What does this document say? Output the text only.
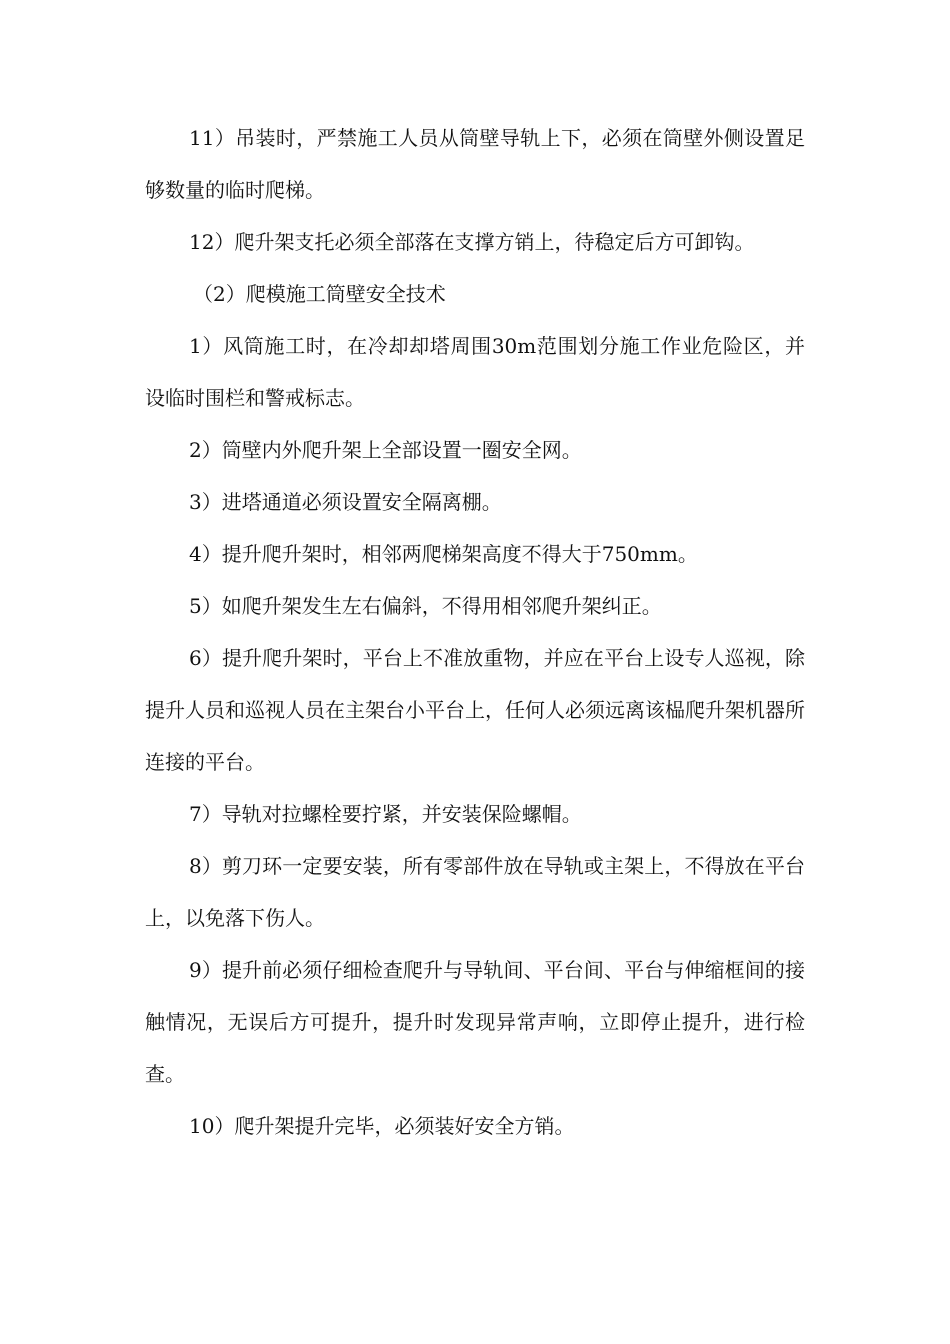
11）吊装时，严禁施工人员从筒壁导轨上下，必须在筒壁外侧设置足够数量的临时爬梯。

12）爬升架支托必须全部落在支撑方销上，待稳定后方可卸钩。

（2）爬模施工筒壁安全技术

1）风筒施工时，在冷却却塔周围30m范围划分施工作业危险区，并设临时围栏和警戒标志。

2）筒壁内外爬升架上全部设置一圈安全网。

3）进塔通道必须设置安全隔离棚。

4）提升爬升架时，相邻两爬梯架高度不得大于750mm。

5）如爬升架发生左右偏斜，不得用相邻爬升架纠正。

6）提升爬升架时，平台上不准放重物，并应在平台上设专人巡视，除提升人员和巡视人员在主架台小平台上，任何人必须远离该榀爬升架机器所连接的平台。

7）导轨对拉螺栓要拧紧，并安装保险螺帽。

8）剪刀环一定要安装，所有零部件放在导轨或主架上，不得放在平台上，以免落下伤人。

9）提升前必须仔细检查爬升与导轨间、平台间、平台与伸缩框间的接触情况，无误后方可提升，提升时发现异常声响，立即停止提升，进行检查。

10）爬升架提升完毕，必须装好安全方销。
